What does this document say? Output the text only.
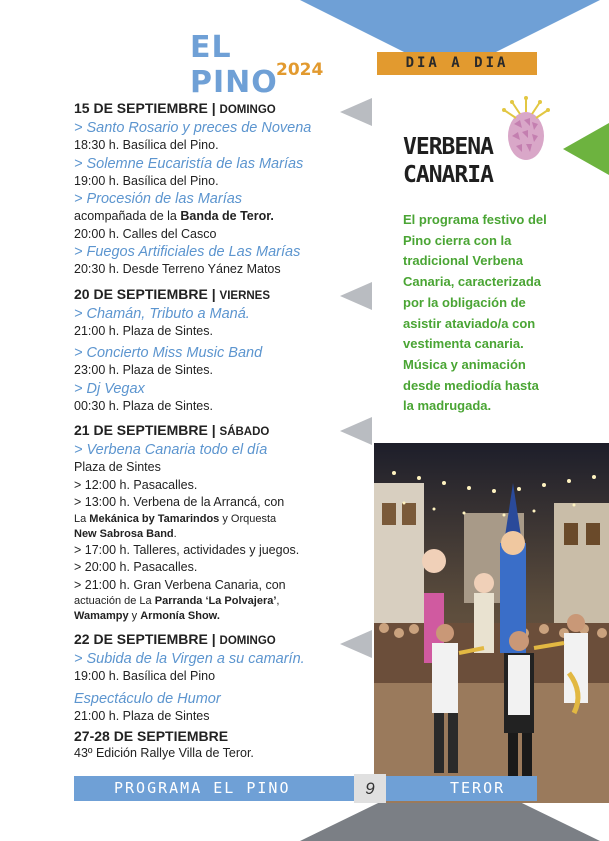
EL PINO
2024	DIA A DIA
VERBENA
CANARIA
El programa festivo del Pino cierra con la tradicional Verbena Canaria, caracterizada por la obligación de asistir ataviado/a con vestimenta canaria. Música y animación desde mediodía hasta la madrugada.
15 DE SEPTIEMBRE | DOMINGO
> Santo Rosario y preces de Novena
18:30 h. Basílica del Pino.
> Solemne Eucaristía de las Marías
19:00 h. Basílica del Pino.
> Procesión de las Marías
acompañada de la Banda de Teror.
20:00 h. Calles del Casco
> Fuegos Artificiales de Las Marías
20:30 h. Desde Terreno Yánez Matos
20 DE SEPTIEMBRE | VIERNES
> Chamán, Tributo a Maná.
21:00 h. Plaza de Sintes.
> Concierto Miss Music Band
23:00 h. Plaza de Sintes.
> Dj Vegax
00:30 h. Plaza de Sintes.
21 DE SEPTIEMBRE | SÁBADO
> Verbena Canaria todo el día
Plaza de Sintes
> 12:00 h. Pasacalles.
> 13:00 h. Verbena de la Arrancá, con
La Mekánica by Tamarindos y Orquesta
New Sabrosa Band.
> 17:00 h. Talleres, actividades y juegos.
> 20:00 h. Pasacalles.
> 21:00 h. Gran Verbena Canaria, con
actuación de La Parranda ‘La Polvajera’,
Wamampy y Armonía Show.
22 DE SEPTIEMBRE | DOMINGO
> Subida de la Virgen a su camarín.
19:00 h. Basílica del Pino
Espectáculo de Humor
21:00 h. Plaza de Sintes
27-28 DE SEPTIEMBRE
43º Edición Rallye Villa de Teror.
PROGRAMA EL PINO 2024
9	TEROR
